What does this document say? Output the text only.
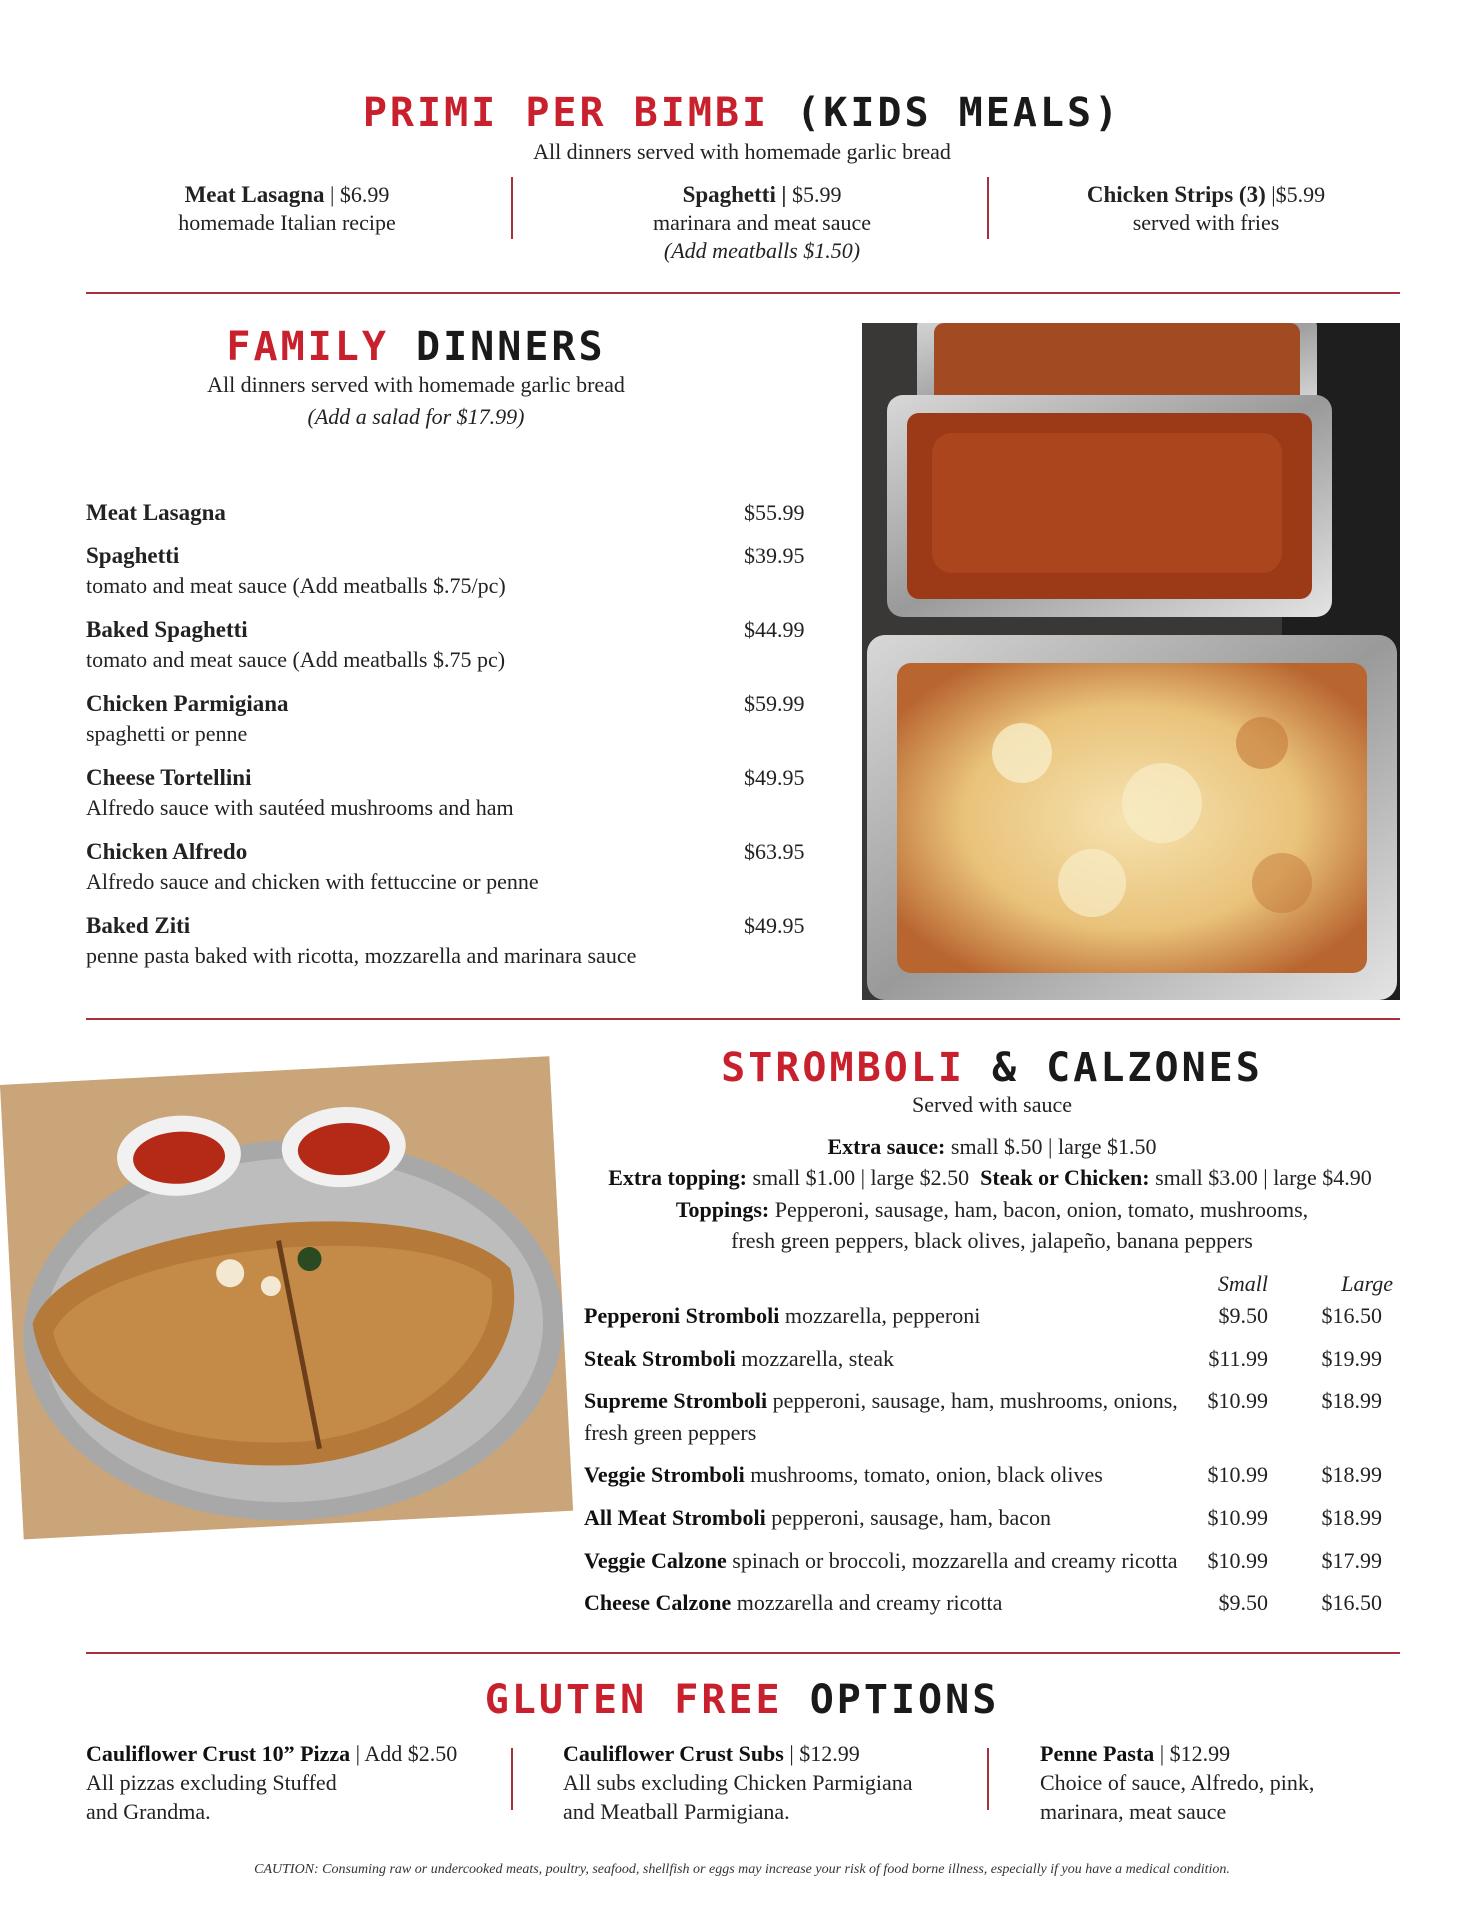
PRIMI PER BIMBI (KIDS MEALS)
All dinners served with homemade garlic bread
Meat Lasagna | $6.99
homemade Italian recipe
Spaghetti | $5.99
marinara and meat sauce
(Add meatballs $1.50)
Chicken Strips (3) |$5.99
served with fries
FAMILY DINNERS
All dinners served with homemade garlic bread
(Add a salad for $17.99)
Meat Lasagna	$55.99
Spaghetti
tomato and meat sauce (Add meatballs $.75/pc)
$39.95
Baked Spaghetti
tomato and meat sauce (Add meatballs $.75 pc)
$44.99
Chicken Parmigiana
spaghetti or penne
$59.99
Cheese Tortellini
Alfredo sauce with sautéed mushrooms and ham
$49.95
Chicken Alfredo
Alfredo sauce and chicken with fettuccine or penne
$63.95
Baked Ziti
penne pasta baked with ricotta, mozzarella and marinara sauce
$49.95
STROMBOLI & CALZONES
Served with sauce
Extra sauce: small $.50 | large $1.50
Extra topping: small $1.00 | large $2.50 Steak or Chicken: small $3.00 | large $4.90
Toppings: Pepperoni, sausage, ham, bacon, onion, tomato, mushrooms,
fresh green peppers, black olives, jalapeño, banana peppers
Small	Large
Pepperoni Stromboli mozzarella, pepperoni	$9.50	$16.50
Steak Stromboli mozzarella, steak	$11.99	$19.99
Supreme Stromboli pepperoni, sausage, ham, mushrooms, onions, fresh green peppers
$10.99	$18.99
Veggie Stromboli mushrooms, tomato, onion, black olives	$10.99	$18.99
All Meat Stromboli pepperoni, sausage, ham, bacon	$10.99	$18.99
Veggie Calzone spinach or broccoli, mozzarella and creamy ricotta	$10.99	$17.99
Cheese Calzone mozzarella and creamy ricotta	$9.50	$16.50
GLUTEN FREE OPTIONS
Cauliflower Crust 10” Pizza | Add $2.50
All pizzas excluding Stuffed
and Grandma.
Cauliflower Crust Subs | $12.99
All subs excluding Chicken Parmigiana
and Meatball Parmigiana.
Penne Pasta | $12.99
Choice of sauce, Alfredo, pink,
marinara, meat sauce
CAUTION: Consuming raw or undercooked meats, poultry, seafood, shellfish or eggs may increase your risk of food borne illness, especially if you have a medical condition.
